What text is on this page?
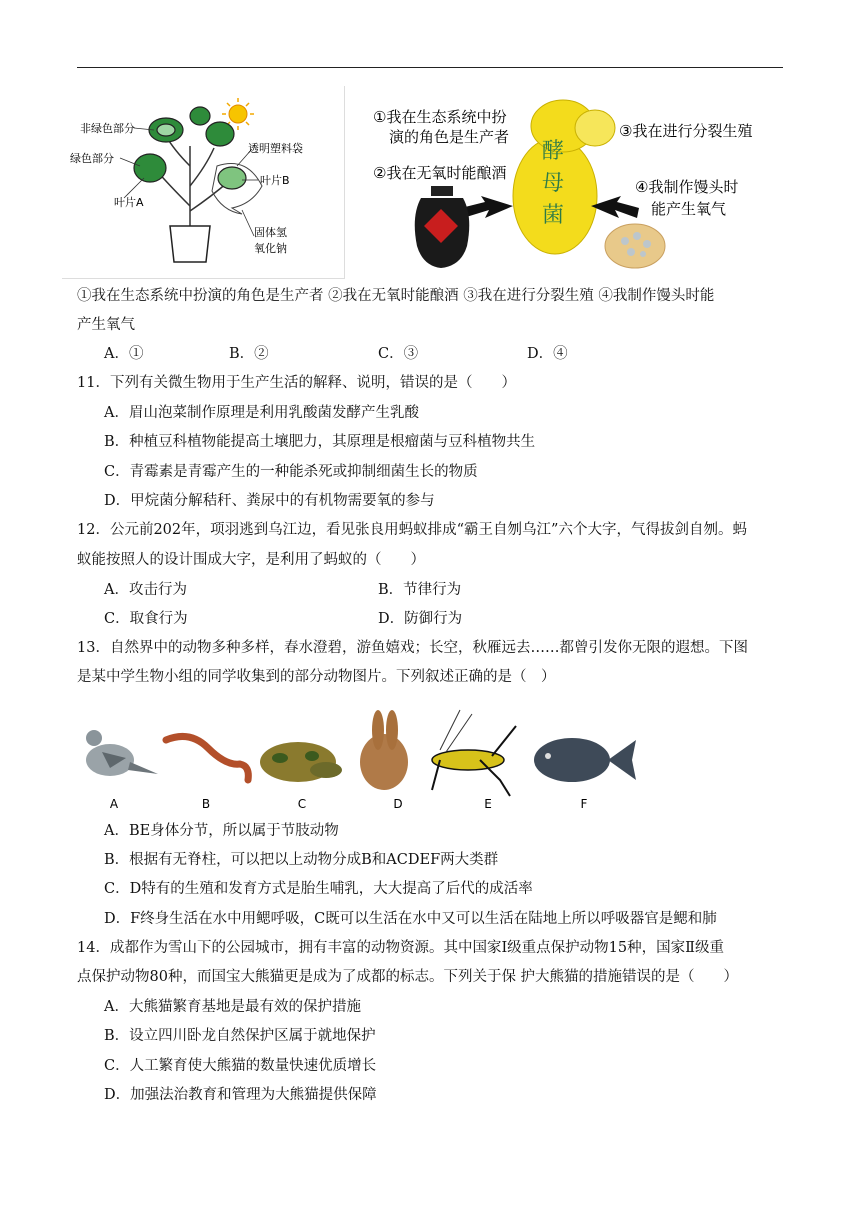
非绿色部分
绿色部分
透明塑料袋
叶片B
叶片A
固体氢
氧化钠
①我在生态系统中扮
演的角色是生产者
②我在无氧时能酿酒
③我在进行分裂生殖
④我制作馒头时
能产生氧气
酵
母
菌
①我在生态系统中扮演的角色是生产者 ②我在无氧时能酿酒 ③我在进行分裂生殖 ④我制作馒头时能
产生氧气
A．①	B．②	C．③	D．④
11．下列有关微生物用于生产生活的解释、说明，错误的是（　　）
A．眉山泡菜制作原理是利用乳酸菌发酵产生乳酸
B．种植豆科植物能提高土壤肥力，其原理是根瘤菌与豆科植物共生
C．青霉素是青霉产生的一种能杀死或抑制细菌生长的物质
D．甲烷菌分解秸秆、粪尿中的有机物需要氧的参与
12．公元前202年，项羽逃到乌江边，看见张良用蚂蚁排成“霸王自刎乌江”六个大字，气得拔剑自刎。蚂
蚁能按照人的设计围成大字，是利用了蚂蚁的（　　）
A．攻击行为	B．节律行为
C．取食行为	D．防御行为
13．自然界中的动物多种多样，春水澄碧，游鱼嬉戏；长空，秋雁远去……都曾引发你无限的遐想。下图
是某中学生物小组的同学收集到的部分动物图片。下列叙述正确的是（　）
A	B	C	D	E	F
A．BE身体分节，所以属于节肢动物
B．根据有无脊柱，可以把以上动物分成B和ACDEF两大类群
C．D特有的生殖和发育方式是胎生哺乳，大大提高了后代的成活率
D．F终身生活在水中用鳃呼吸，C既可以生活在水中又可以生活在陆地上所以呼吸器官是鳃和肺
14．成都作为雪山下的公园城市，拥有丰富的动物资源。其中国家Ⅰ级重点保护动物15种，国家Ⅱ级重
点保护动物80种，而国宝大熊猫更是成为了成都的标志。下列关于保 护大熊猫的措施错误的是（　　）
A．大熊猫繁育基地是最有效的保护措施
B．设立四川卧龙自然保护区属于就地保护
C．人工繁育使大熊猫的数量快速优质增长
D．加强法治教育和管理为大熊猫提供保障
